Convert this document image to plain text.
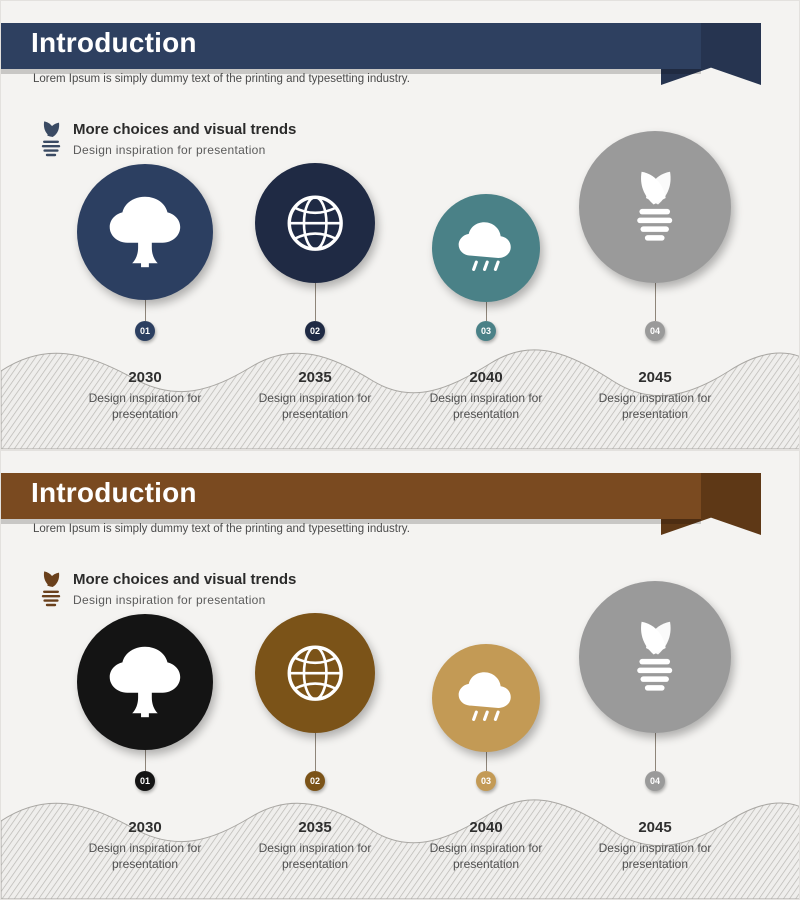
Introduction
Lorem Ipsum is simply dummy text of the printing and typesetting industry.
More choices and visual trends
Design inspiration for presentation
01
2030
Design inspiration for presentation
02
2035
Design inspiration for presentation
03
2040
Design inspiration for presentation
04
2045
Design inspiration for presentation
Introduction
Lorem Ipsum is simply dummy text of the printing and typesetting industry.
More choices and visual trends
Design inspiration for presentation
01
2030
Design inspiration for presentation
02
2035
Design inspiration for presentation
03
2040
Design inspiration for presentation
04
2045
Design inspiration for presentation
